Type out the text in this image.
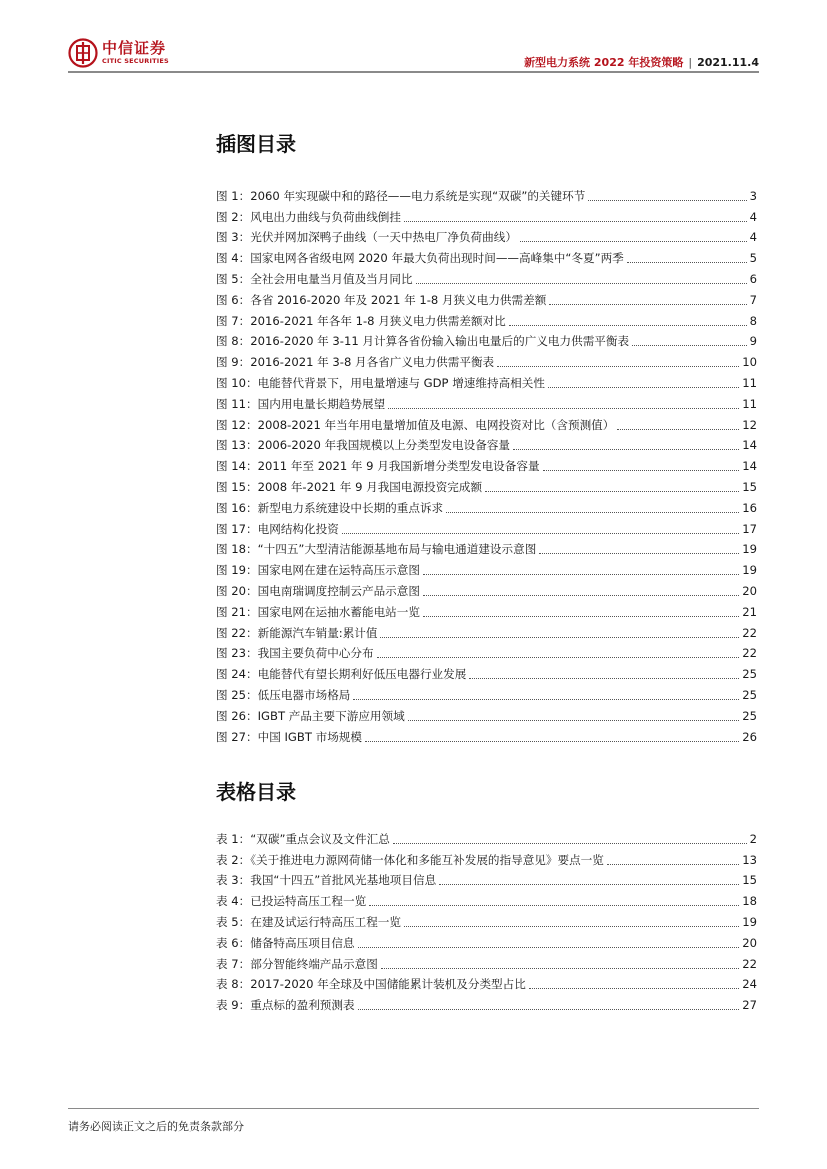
中信证券
CITIC SECURITIES	新型电力系统 2022 年投资策略 | 2021.11.4
插图目录
图 1：2060 年实现碳中和的路径——电力系统是实现“双碳”的关键环节	3
图 2：风电出力曲线与负荷曲线倒挂	4
图 3：光伏并网加深鸭子曲线（一天中热电厂净负荷曲线）	4
图 4：国家电网各省级电网 2020 年最大负荷出现时间——高峰集中“冬夏”两季	5
图 5：全社会用电量当月值及当月同比	6
图 6：各省 2016-2020 年及 2021 年 1-8 月狭义电力供需差额	7
图 7：2016-2021 年各年 1-8 月狭义电力供需差额对比	8
图 8：2016-2020 年 3-11 月计算各省份输入输出电量后的广义电力供需平衡表	9
图 9：2016-2021 年 3-8 月各省广义电力供需平衡表	10
图 10：电能替代背景下，用电量增速与 GDP 增速维持高相关性	11
图 11：国内用电量长期趋势展望	11
图 12：2008-2021 年当年用电量增加值及电源、电网投资对比（含预测值）	12
图 13：2006-2020 年我国规模以上分类型发电设备容量	14
图 14：2011 年至 2021 年 9 月我国新增分类型发电设备容量	14
图 15：2008 年-2021 年 9 月我国电源投资完成额	15
图 16：新型电力系统建设中长期的重点诉求	16
图 17：电网结构化投资	17
图 18：“十四五”大型清洁能源基地布局与输电通道建设示意图	19
图 19：国家电网在建在运特高压示意图	19
图 20：国电南瑞调度控制云产品示意图	20
图 21：国家电网在运抽水蓄能电站一览	21
图 22：新能源汽车销量:累计值	22
图 23：我国主要负荷中心分布	22
图 24：电能替代有望长期利好低压电器行业发展	25
图 25：低压电器市场格局	25
图 26：IGBT 产品主要下游应用领域	25
图 27：中国 IGBT 市场规模	26
表格目录
表 1：“双碳”重点会议及文件汇总	2
表 2：《关于推进电力源网荷储一体化和多能互补发展的指导意见》要点一览	13
表 3：我国“十四五”首批风光基地项目信息	15
表 4：已投运特高压工程一览	18
表 5：在建及试运行特高压工程一览	19
表 6：储备特高压项目信息	20
表 7：部分智能终端产品示意图	22
表 8：2017-2020 年全球及中国储能累计装机及分类型占比	24
表 9：重点标的盈利预测表	27
请务必阅读正文之后的免责条款部分
